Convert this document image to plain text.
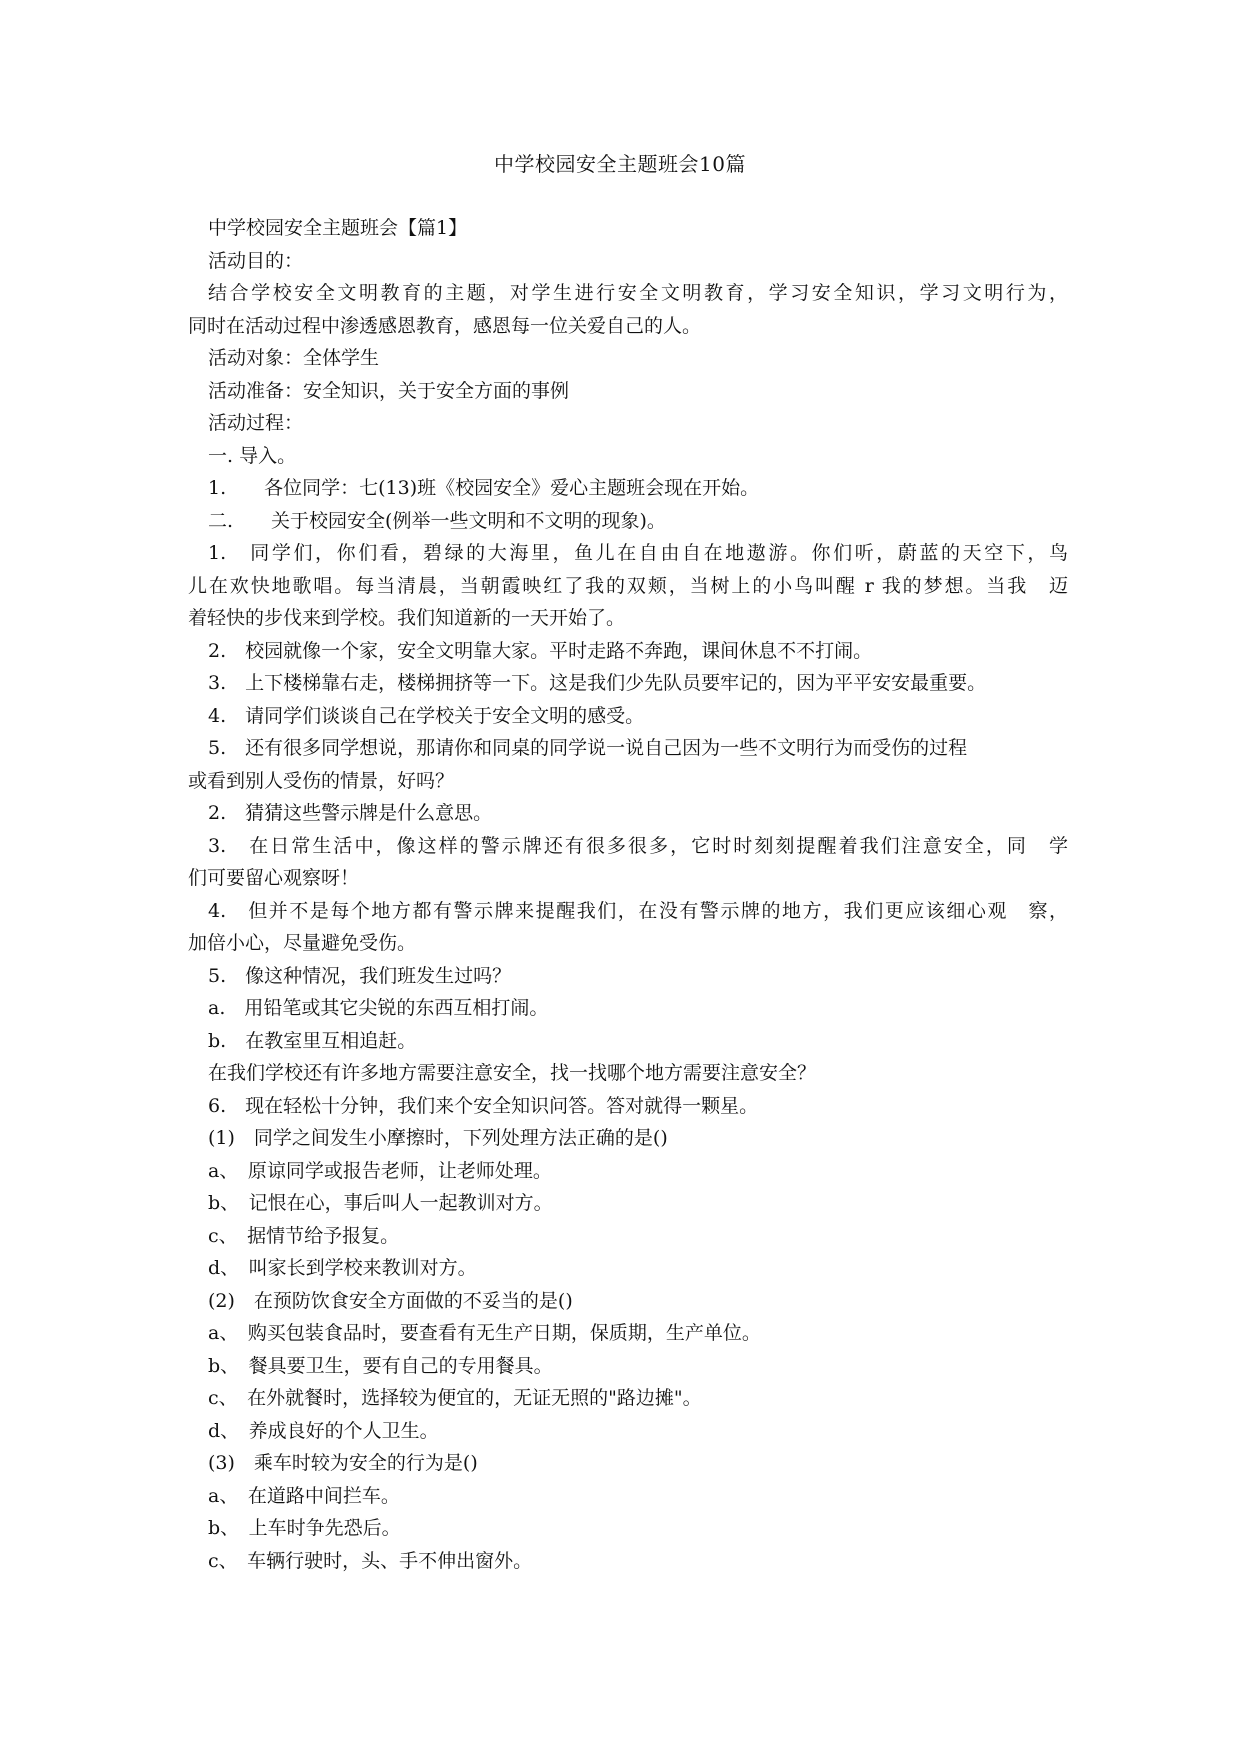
中学校园安全主题班会10篇
中学校园安全主题班会【篇1】
活动目的：
结合学校安全文明教育的主题，对学生进行安全文明教育，学习安全知识，学习文明行为，
同时在活动过程中渗透感恩教育，感恩每一位关爱自己的人。
活动对象：全体学生
活动准备：安全知识，关于安全方面的事例
活动过程：
一. 导入。
1.　　各位同学：七(13)班《校园安全》爱心主题班会现在开始。
二.　　关于校园安全(例举一些文明和不文明的现象)。
1.　同学们，你们看，碧绿的大海里，鱼儿在自由自在地遨游。你们听，蔚蓝的天空下，鸟
儿在欢快地歌唱。每当清晨，当朝霞映红了我的双颊，当树上的小鸟叫醒 r 我的梦想。当我　迈
着轻快的步伐来到学校。我们知道新的一天开始了。
2.　校园就像一个家，安全文明靠大家。平时走路不奔跑，课间休息不不打闹。
3.　上下楼梯靠右走，楼梯拥挤等一下。这是我们少先队员要牢记的，因为平平安安最重要。
4.　请同学们谈谈自己在学校关于安全文明的感受。
5.　还有很多同学想说，那请你和同桌的同学说一说自己因为一些不文明行为而受伤的过程
或看到别人受伤的情景，好吗？
2.　猜猜这些警示牌是什么意思。
3.　在日常生活中，像这样的警示牌还有很多很多，它时时刻刻提醒着我们注意安全，同　学
们可要留心观察呀！
4.　但并不是每个地方都有警示牌来提醒我们，在没有警示牌的地方，我们更应该细心观　察，
加倍小心，尽量避免受伤。
5.　像这种情况，我们班发生过吗？
a.　用铅笔或其它尖锐的东西互相打闹。
b.　在教室里互相追赶。
在我们学校还有许多地方需要注意安全，找一找哪个地方需要注意安全？
6.　现在轻松十分钟，我们来个安全知识问答。答对就得一颗星。
(1)　同学之间发生小摩擦时，下列处理方法正确的是()
a、　原谅同学或报告老师，让老师处理。
b、　记恨在心，事后叫人一起教训对方。
c、　据情节给予报复。
d、　叫家长到学校来教训对方。
(2)　在预防饮食安全方面做的不妥当的是()
a、　购买包装食品时，要查看有无生产日期，保质期，生产单位。
b、　餐具要卫生，要有自己的专用餐具。
c、　在外就餐时，选择较为便宜的，无证无照的"路边摊"。
d、　养成良好的个人卫生。
(3)　乘车时较为安全的行为是()
a、　在道路中间拦车。
b、　上车时争先恐后。
c、　车辆行驶时，头、手不伸出窗外。
